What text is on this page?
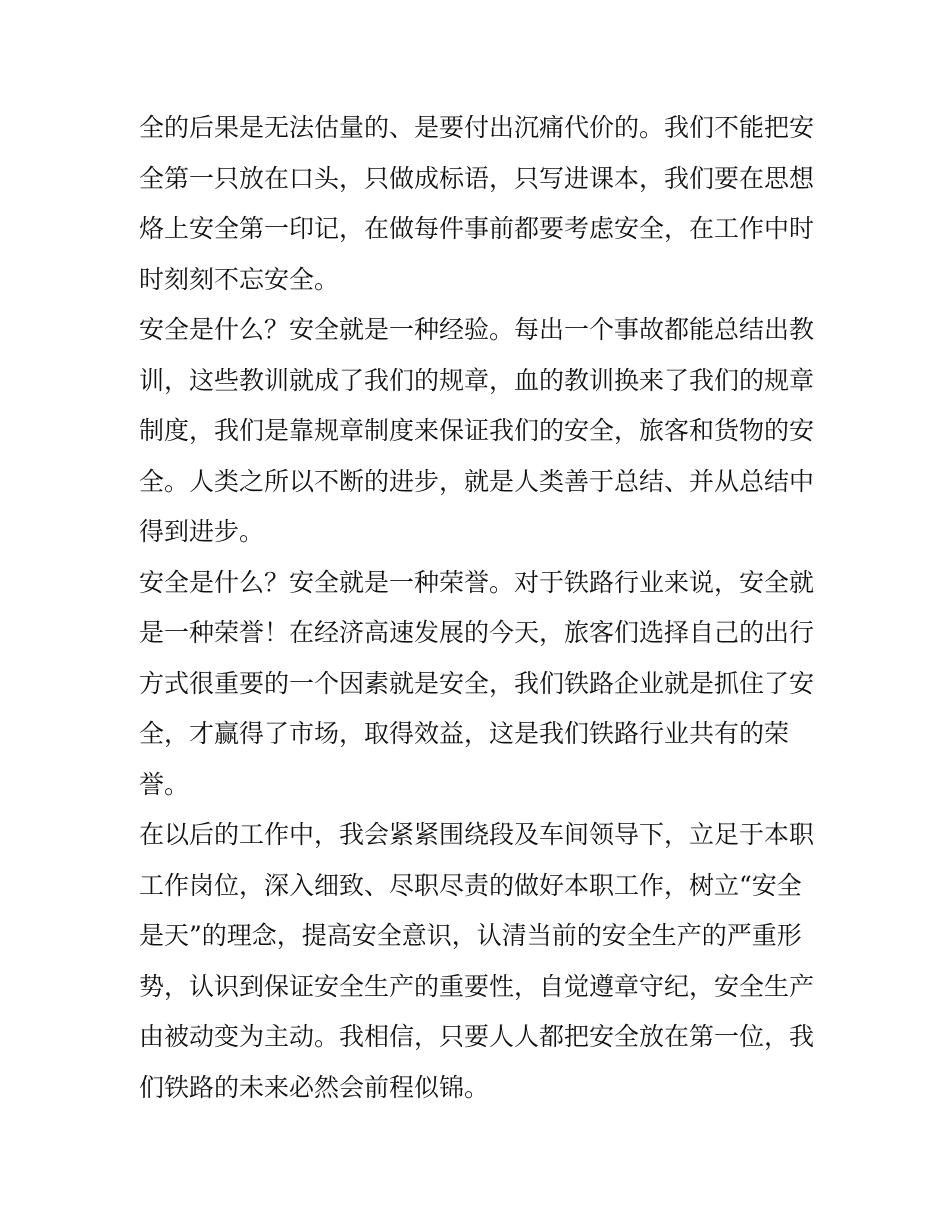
全的后果是无法估量的、是要付出沉痛代价的。我们不能把安
全第一只放在口头，只做成标语，只写进课本，我们要在思想
烙上安全第一印记，在做每件事前都要考虑安全，在工作中时
时刻刻不忘安全。
安全是什么？安全就是一种经验。每出一个事故都能总结出教
训，这些教训就成了我们的规章，血的教训换来了我们的规章
制度，我们是靠规章制度来保证我们的安全，旅客和货物的安
全。人类之所以不断的进步，就是人类善于总结、并从总结中
得到进步。
安全是什么？安全就是一种荣誉。对于铁路行业来说，安全就
是一种荣誉！在经济高速发展的今天，旅客们选择自己的出行
方式很重要的一个因素就是安全，我们铁路企业就是抓住了安
全，才赢得了市场，取得效益，这是我们铁路行业共有的荣
誉。
在以后的工作中，我会紧紧围绕段及车间领导下，立足于本职
工作岗位，深入细致、尽职尽责的做好本职工作，树立“安全
是天”的理念，提高安全意识，认清当前的安全生产的严重形
势，认识到保证安全生产的重要性，自觉遵章守纪，安全生产
由被动变为主动。我相信，只要人人都把安全放在第一位，我
们铁路的未来必然会前程似锦。
